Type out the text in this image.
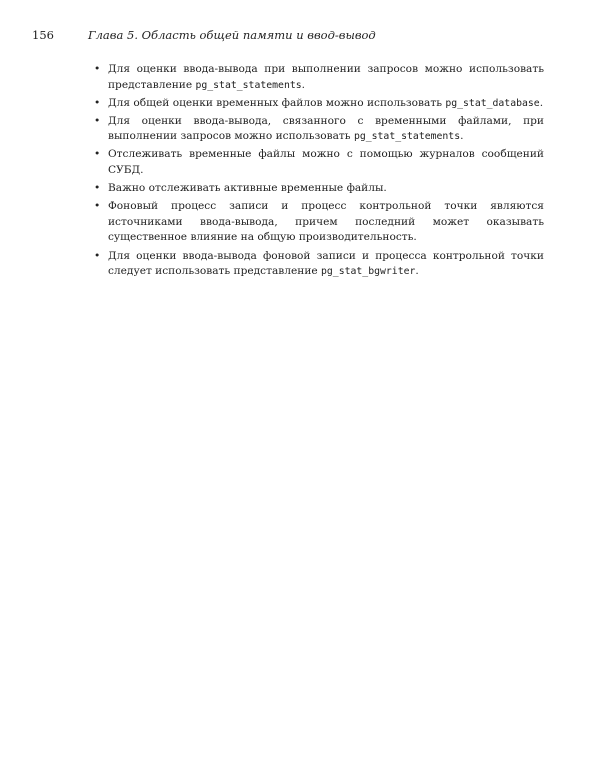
156	Глава 5. Область общей памяти и ввод-вывод
• Для оценки ввода-вывода при выполнении запросов можно использовать представление pg_stat_statements.
• Для общей оценки временных файлов можно использовать pg_stat_database.
• Для оценки ввода-вывода, связанного с временными файлами, при выполнении запросов можно использовать pg_stat_statements.
• Отслеживать временные файлы можно с помощью журналов сообщений СУБД.
• Важно отслеживать активные временные файлы.
• Фоновый процесс записи и процесс контрольной точки являются источниками ввода-вывода, причем последний может оказывать существенное влияние на общую производительность.
• Для оценки ввода-вывода фоновой записи и процесса контрольной точки следует использовать представление pg_stat_bgwriter.
